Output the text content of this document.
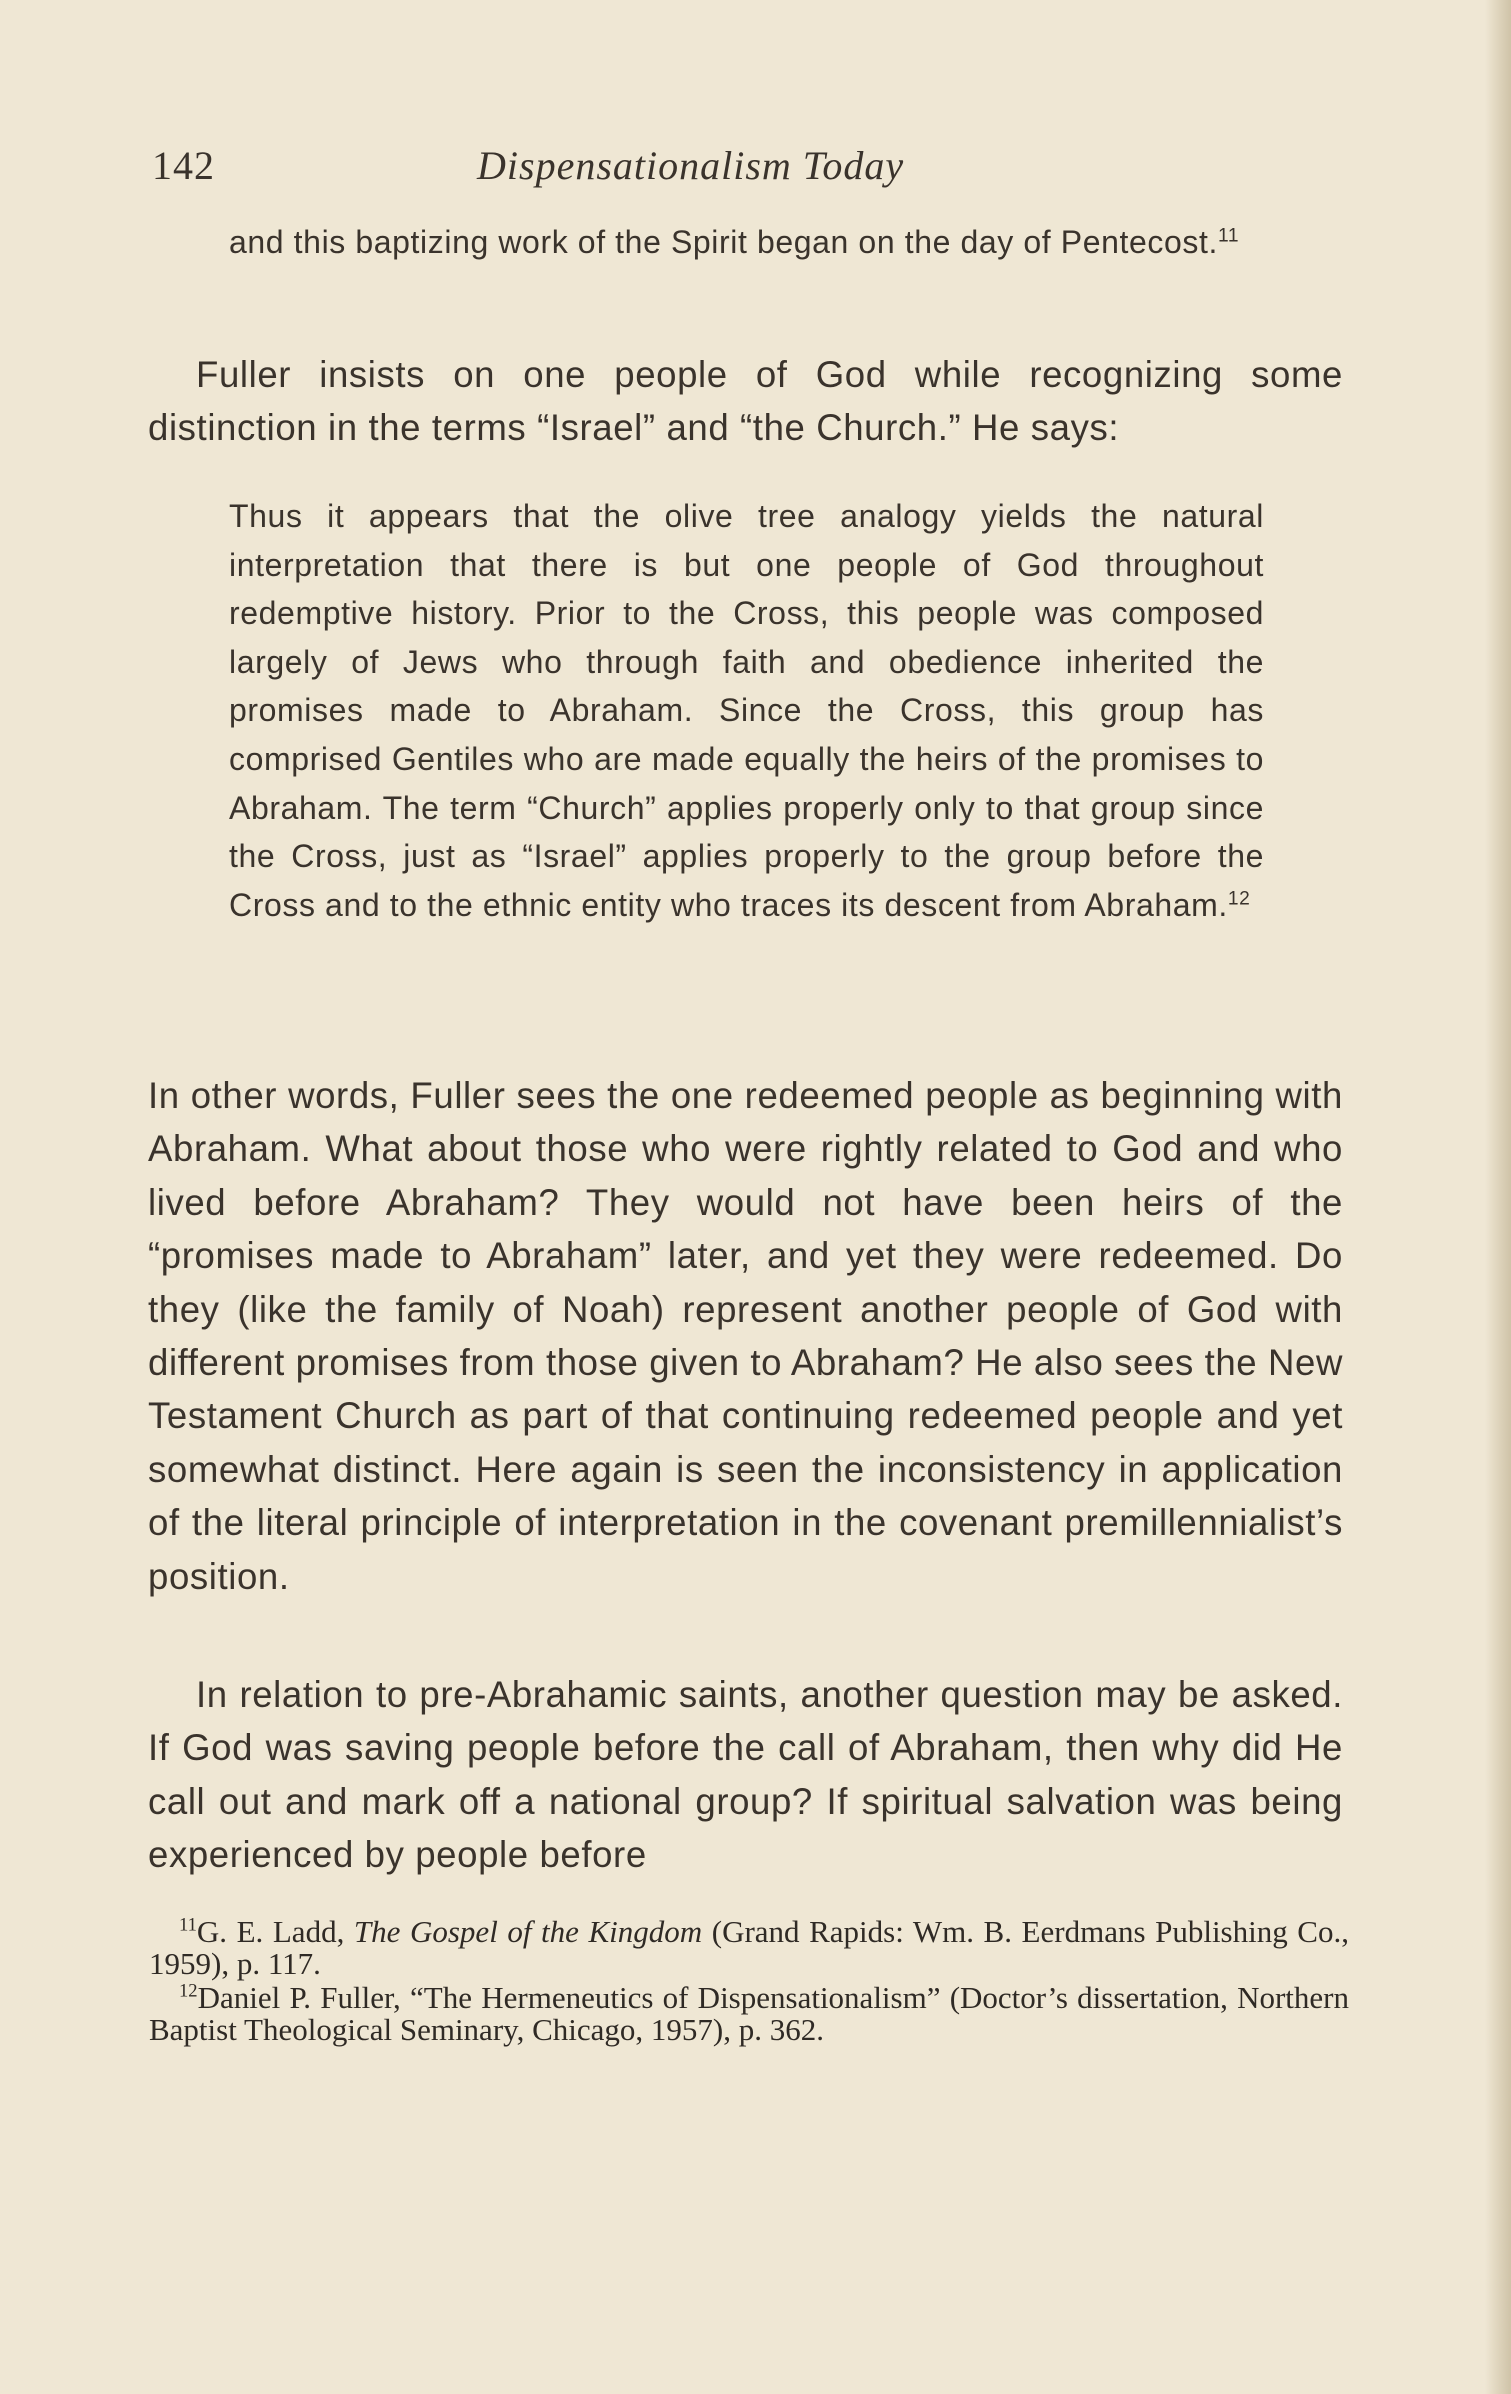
142	Dispensationalism Today

and this baptizing work of the Spirit began on the day of Pentecost.$^{11}$

Fuller insists on one people of God while recognizing some distinction in the terms “Israel” and “the Church.” He says:

Thus it appears that the olive tree analogy yields the natural interpretation that there is but one people of God throughout redemptive history. Prior to the Cross, this people was composed largely of Jews who through faith and obedience inherited the promises made to Abraham. Since the Cross, this group has comprised Gentiles who are made equally the heirs of the promises to Abraham. The term “Church” applies properly only to that group since the Cross, just as “Israel” applies properly to the group before the Cross and to the ethnic entity who traces its descent from Abraham.$^{12}$

In other words, Fuller sees the one redeemed people as beginning with Abraham. What about those who were rightly related to God and who lived before Abraham? They would not have been heirs of the “promises made to Abraham” later, and yet they were redeemed. Do they (like the family of Noah) represent another people of God with different promises from those given to Abraham? He also sees the New Testament Church as part of that continuing redeemed people and yet somewhat distinct. Here again is seen the inconsistency in application of the literal principle of interpretation in the covenant premillennialist’s position.

In relation to pre-Abrahamic saints, another question may be asked. If God was saving people before the call of Abraham, then why did He call out and mark off a national group? If spiritual salvation was being experienced by people before

$^{11}$G. E. Ladd, The Gospel of the Kingdom (Grand Rapids: Wm. B. Eerdmans Publishing Co., 1959), p. 117.
$^{12}$Daniel P. Fuller, “The Hermeneutics of Dispensationalism” (Doctor’s dissertation, Northern Baptist Theological Seminary, Chicago, 1957), p. 362.
